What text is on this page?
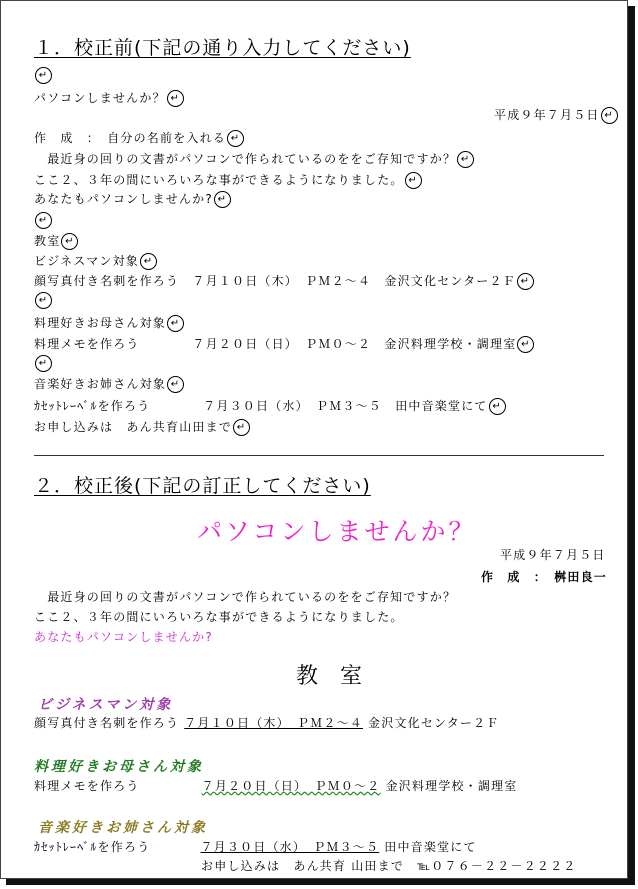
１．校正前(下記の通り入力してください)
↵
パソコンしませんか？ ↵
平成９年７月５日 ↵
作　成　：　自分の名前を入れる ↵
　最近身の回りの文書がパソコンで作られているのををご存知ですか？ ↵
ここ２、３年の間にいろいろな事ができるようになりました。 ↵
あなたもパソコンしませんか? ↵
↵
教室 ↵
ビジネスマン対象 ↵
顔写真付き名刺を作ろう　７月１０日（木）　ＰＭ２～４　金沢文化センター２Ｆ ↵
↵
料理好きお母さん対象 ↵
料理メモを作ろう　　　　７月２０日（日）　ＰＭ０～２　金沢料理学校・調理室 ↵
↵
音楽好きお姉さん対象 ↵
ｶｾｯﾄﾚｰﾍﾞﾙを作ろう　　　　７月３０日（水）　ＰＭ３～５　田中音楽堂にて ↵
お申し込みは　あん共育山田まで ↵
２．校正後(下記の訂正してください)
パソコンしませんか？
平成９年７月５日
作　成　：　桝田良一
　最近身の回りの文書がパソコンで作られているのををご存知ですか？
ここ２、３年の間にいろいろな事ができるようになりました。
あなたもパソコンしませんか?
教室
ビジネスマン対象
顔写真付き名刺を作ろう ７月１０日（木）　ＰＭ２～４ 金沢文化センター２Ｆ
料理好きお母さん対象
料理メモを作ろう	７月２０日（日）　ＰＭ０～２ 金沢料理学校・調理室
音楽好きお姉さん対象
ｶｾｯﾄﾚｰﾍﾞﾙを作ろう	７月３０日（水）　ＰＭ３～５ 田中音楽堂にて
お申し込みは　あん共育 山田まで　℡０７６－２２－２２２２
